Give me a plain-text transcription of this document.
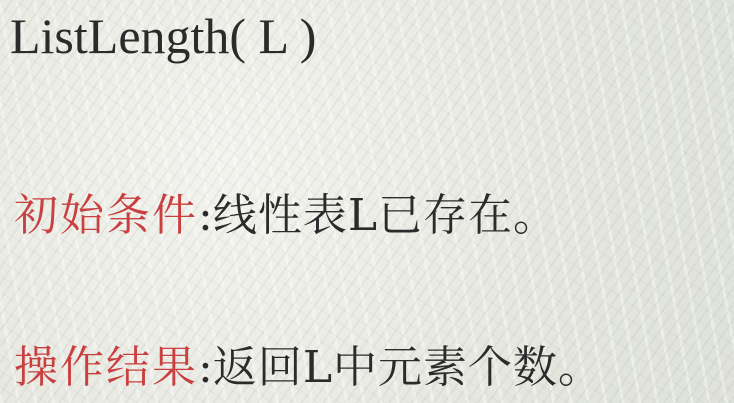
ListLength( L )
初始条件:线性表L已存在。
操作结果:返回L中元素个数。
